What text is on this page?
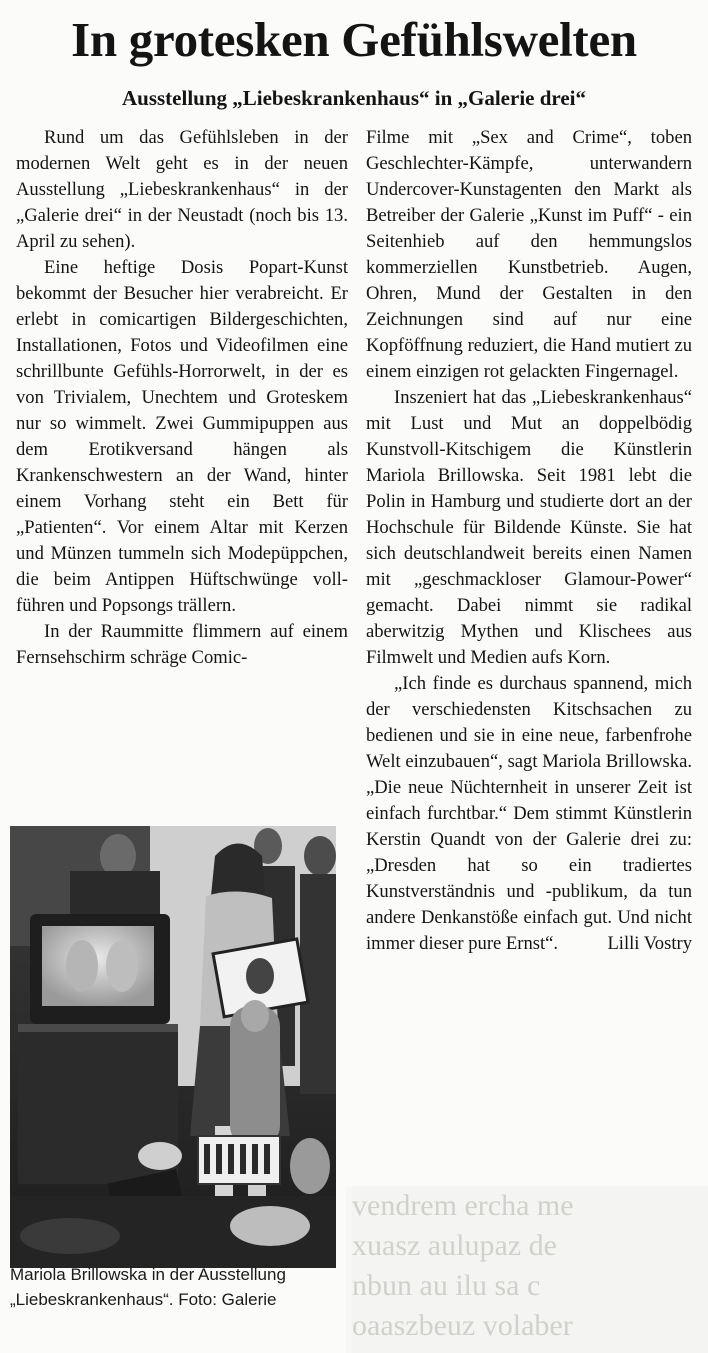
In grotesken Gefühlswelten
Ausstellung „Liebeskrankenhaus“ in „Galerie drei“

Rund um das Gefühlsleben in der modernen Welt geht es in der neuen Ausstellung „Liebeskrankenhaus“ in der „Galerie drei“ in der Neustadt (noch bis 13. April zu sehen).

Eine heftige Dosis Popart-Kunst bekommt der Besucher hier verabreicht. Er erlebt in comicartigen Bildergeschichten, Installationen, Fotos und Videofilmen eine schrillbunte Gefühls-Horrorwelt, in der es von Trivialem, Unechtem und Groteskem nur so wimmelt. Zwei Gummipuppen aus dem Erotikversand hängen als Krankenschwestern an der Wand, hinter einem Vorhang steht ein Bett für „Patienten“. Vor einem Altar mit Kerzen und Münzen tummeln sich Modepüppchen, die beim Antippen Hüftschwünge vollführen und Popsongs trällern.

In der Raummitte flimmern auf einem Fernsehschirm schräge Comic-

Filme mit „Sex and Crime“, toben Geschlechter-Kämpfe, unterwandern Undercover-Kunstagenten den Markt als Betreiber der Galerie „Kunst im Puff“ - ein Seitenhieb auf den hemmungslos kommerziellen Kunstbetrieb. Augen, Ohren, Mund der Gestalten in den Zeichnungen sind auf nur eine Kopföffnung reduziert, die Hand mutiert zu einem einzigen rot gelackten Fingernagel.

Inszeniert hat das „Liebeskrankenhaus“ mit Lust und Mut an doppelbödig Kunstvoll-Kitschigem die Künstlerin Mariola Brillowska. Seit 1981 lebt die Polin in Hamburg und studierte dort an der Hochschule für Bildende Künste. Sie hat sich deutschlandweit bereits einen Namen mit „geschmackloser Glamour-Power“ gemacht. Dabei nimmt sie radikal aberwitzig Mythen und Klischees aus Filmwelt und Medien aufs Korn.

„Ich finde es durchaus spannend, mich der verschiedensten Kitschsachen zu bedienen und sie in eine neue, farbenfrohe Welt einzubauen“, sagt Mariola Brillowska. „Die neue Nüchternheit in unserer Zeit ist einfach furchtbar.“ Dem stimmt Künstlerin Kerstin Quandt von der Galerie drei zu: „Dresden hat so ein tradiertes Kunstverständnis und -publikum, da tun andere Denkanstöße einfach gut. Und nicht immer dieser pure Ernst“.	Lilli Vostry

vendrem ercha me
xuasz aulupaz de
nbun au ilu sa c
oaaszbeuz volaber
Mariola Brillowska in der Ausstellung
„Liebeskrankenhaus“. Foto: Galerie
